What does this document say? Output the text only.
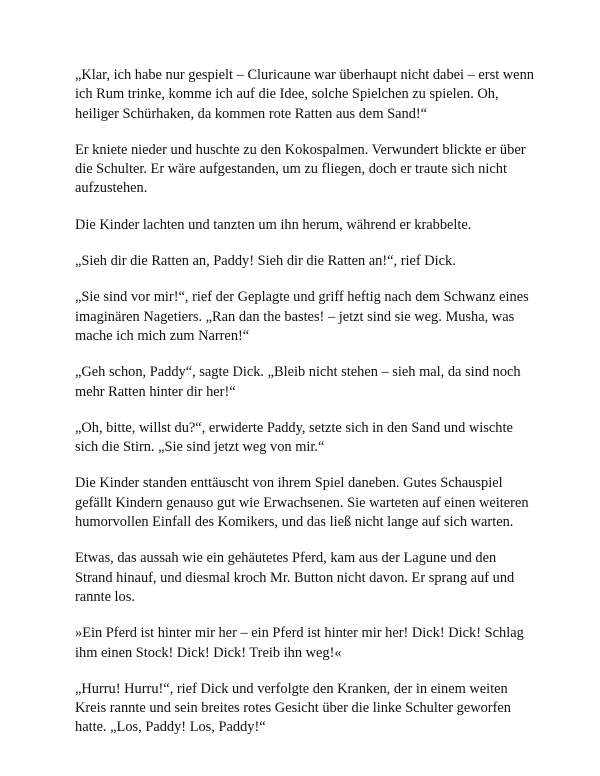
„Klar, ich habe nur gespielt – Cluricaune war überhaupt nicht dabei – erst wenn ich Rum trinke, komme ich auf die Idee, solche Spielchen zu spielen. Oh, heiliger Schürhaken, da kommen rote Ratten aus dem Sand!“

Er kniete nieder und huschte zu den Kokospalmen. Verwundert blickte er über die Schulter. Er wäre aufgestanden, um zu fliegen, doch er traute sich nicht aufzustehen.

Die Kinder lachten und tanzten um ihn herum, während er krabbelte.

„Sieh dir die Ratten an, Paddy! Sieh dir die Ratten an!“, rief Dick.

„Sie sind vor mir!“, rief der Geplagte und griff heftig nach dem Schwanz eines imaginären Nagetiers. „Ran dan the bastes! – jetzt sind sie weg. Musha, was mache ich mich zum Narren!“

„Geh schon, Paddy“, sagte Dick. „Bleib nicht stehen – sieh mal, da sind noch mehr Ratten hinter dir her!“

„Oh, bitte, willst du?“, erwiderte Paddy, setzte sich in den Sand und wischte sich die Stirn. „Sie sind jetzt weg von mir.“

Die Kinder standen enttäuscht von ihrem Spiel daneben. Gutes Schauspiel gefällt Kindern genauso gut wie Erwachsenen. Sie warteten auf einen weiteren humorvollen Einfall des Komikers, und das ließ nicht lange auf sich warten.

Etwas, das aussah wie ein gehäutetes Pferd, kam aus der Lagune und den Strand hinauf, und diesmal kroch Mr. Button nicht davon. Er sprang auf und rannte los.

»Ein Pferd ist hinter mir her – ein Pferd ist hinter mir her! Dick! Dick! Schlag ihm einen Stock! Dick! Dick! Treib ihn weg!«

„Hurru! Hurru!“, rief Dick und verfolgte den Kranken, der in einem weiten Kreis rannte und sein breites rotes Gesicht über die linke Schulter geworfen hatte. „Los, Paddy! Los, Paddy!“
